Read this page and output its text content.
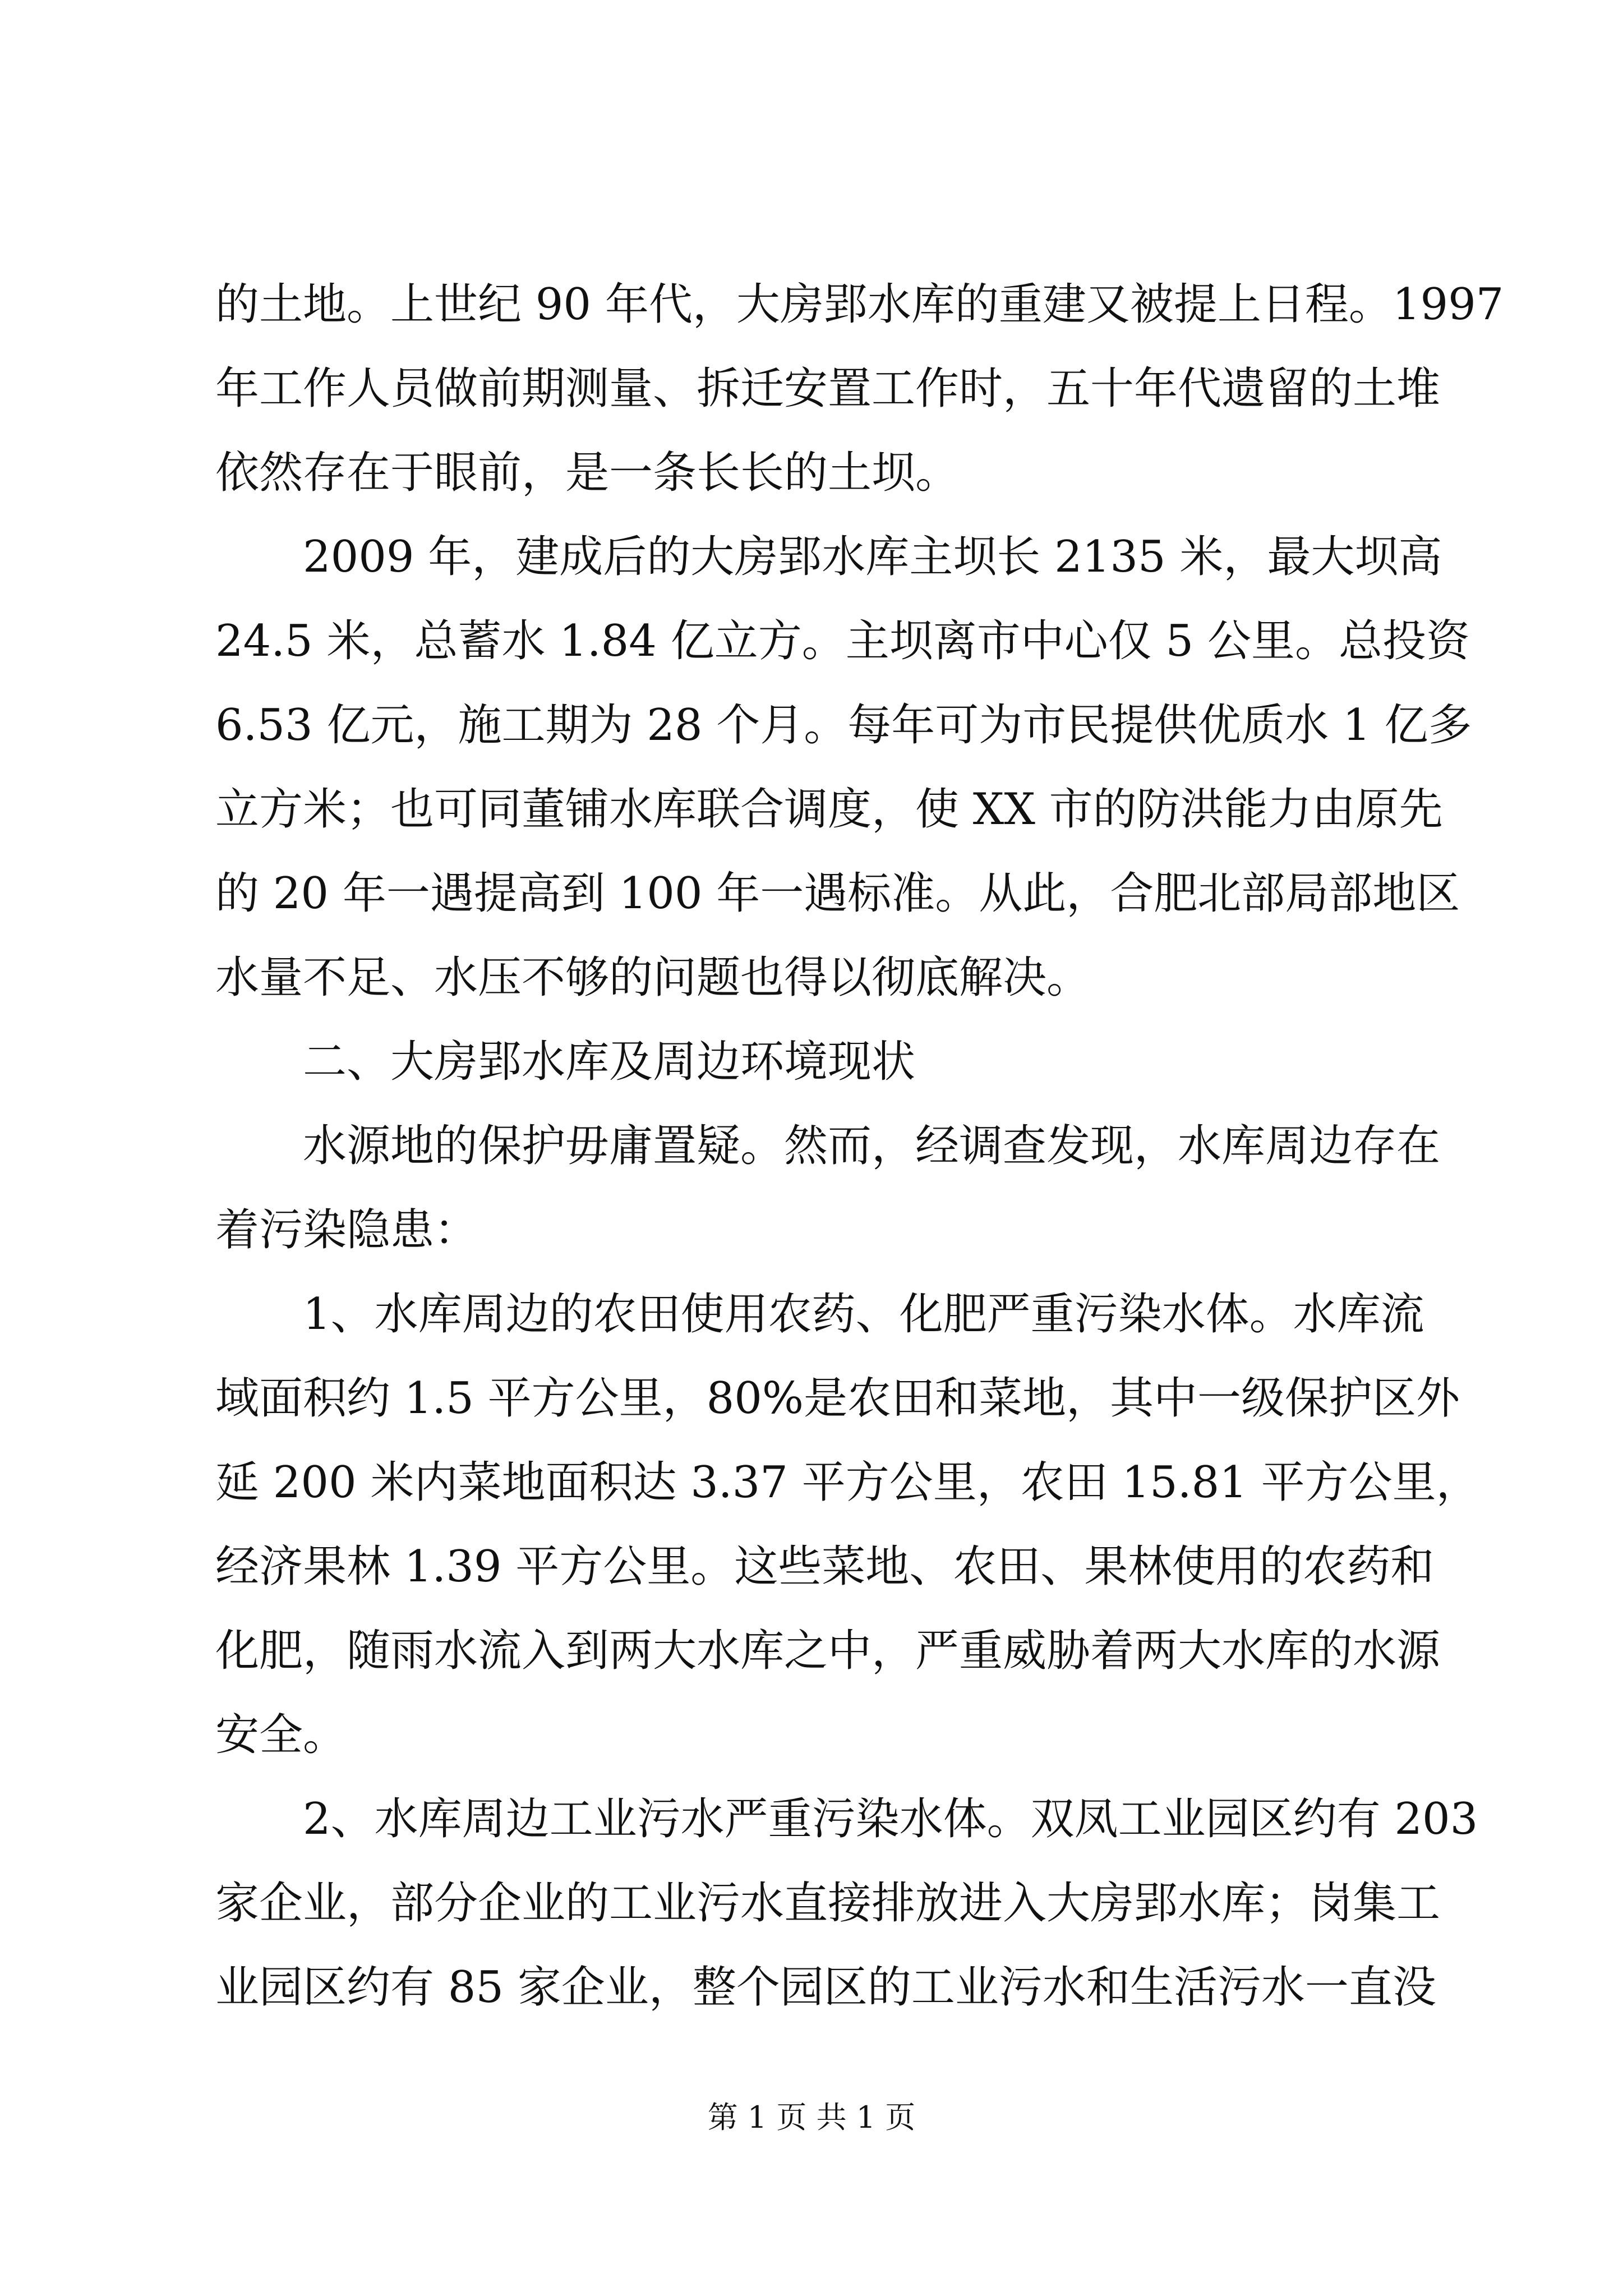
的土地。上世纪 90 年代，大房郢水库的重建又被提上日程。1997
年工作人员做前期测量、拆迁安置工作时，五十年代遗留的土堆
依然存在于眼前，是一条长长的土坝。
2009 年，建成后的大房郢水库主坝长 2135 米，最大坝高
24.5 米，总蓄水 1.84 亿立方。主坝离市中心仅 5 公里。总投资
6.53 亿元，施工期为 28 个月。每年可为市民提供优质水 1 亿多
立方米；也可同董铺水库联合调度，使 XX 市的防洪能力由原先
的 20 年一遇提高到 100 年一遇标准。从此，合肥北部局部地区
水量不足、水压不够的问题也得以彻底解决。
二、大房郢水库及周边环境现状
水源地的保护毋庸置疑。然而，经调查发现，水库周边存在
着污染隐患：
1、水库周边的农田使用农药、化肥严重污染水体。水库流
域面积约 1.5 平方公里，80%是农田和菜地，其中一级保护区外
延 200 米内菜地面积达 3.37 平方公里，农田 15.81 平方公里，
经济果林 1.39 平方公里。这些菜地、农田、果林使用的农药和
化肥，随雨水流入到两大水库之中，严重威胁着两大水库的水源
安全。
2、水库周边工业污水严重污染水体。双凤工业园区约有 203
家企业，部分企业的工业污水直接排放进入大房郢水库；岗集工
业园区约有 85 家企业，整个园区的工业污水和生活污水一直没
第 1 页 共 1 页
